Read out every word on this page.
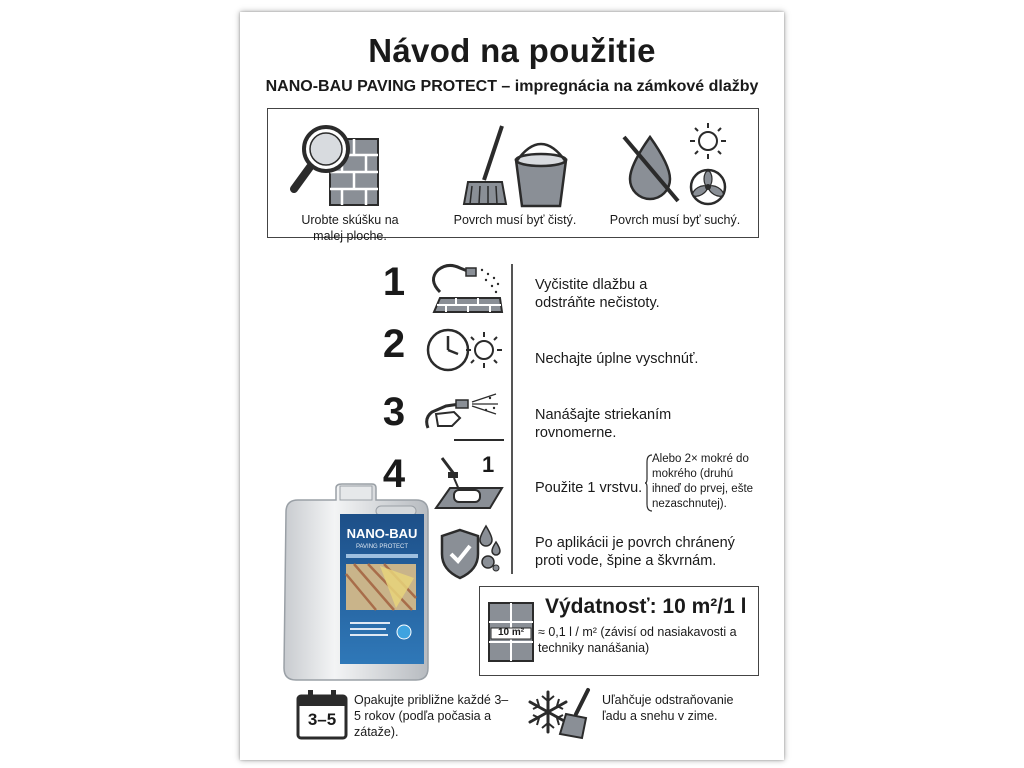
Návod na použitie
NANO-BAU PAVING PROTECT – impregnácia na zámkové dlažby
Urobte skúšku na malej ploche.
Povrch musí byť čistý.	Povrch musí byť suchý.
1	Vyčistite dlažbu a odstráňte nečistoty.
2	Nechajte úplne vyschnúť.
3	Nanášajte striekaním rovnomerne.
4	1
Použite 1 vrstvu.
Alebo 2× mokré do mokrého (druhú ihneď do prvej, ešte nezaschnutej).
Po aplikácii je povrch chránený proti vode, špine a škvrnám.
10 m²
Výdatnosť: 10 m²/1 l
≈ 0,1 l / m² (závisí od nasiakavosti a techniky nanášania)
3–5
Opakujte približne každé 3–5 rokov (podľa počasia a zátaže).
Uľahčuje odstraňovanie ľadu a snehu v zime.
NANO-BAU
PAVING PROTECT
